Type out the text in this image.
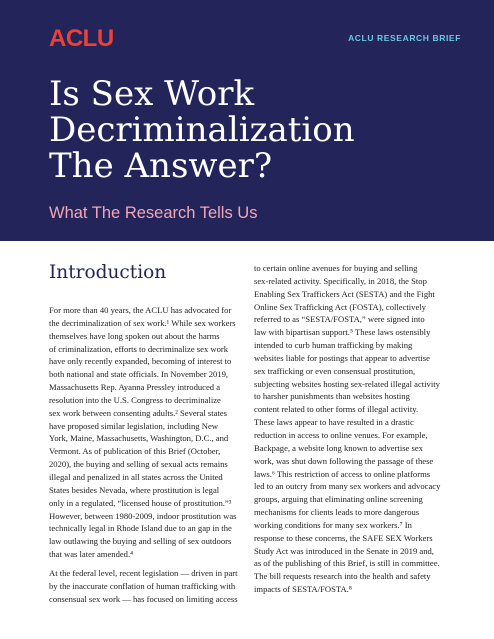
ACLU	ACLU RESEARCH BRIEF
Is Sex Work
Decriminalization
The Answer?
What The Research Tells Us
Introduction

For more than 40 years, the ACLU has advocated for
the decriminalization of sex work.¹ While sex workers
themselves have long spoken out about the harms
of criminalization, efforts to decriminalize sex work
have only recently expanded, becoming of interest to
both national and state officials. In November 2019,
Massachusetts Rep. Ayanna Pressley introduced a
resolution into the U.S. Congress to decriminalize
sex work between consenting adults.² Several states
have proposed similar legislation, including New
York, Maine, Massachusetts, Washington, D.C., and
Vermont. As of publication of this Brief (October,
2020), the buying and selling of sexual acts remains
illegal and penalized in all states across the United
States besides Nevada, where prostitution is legal
only in a regulated, “licensed house of prostitution.”³
However, between 1980-2009, indoor prostitution was
technically legal in Rhode Island due to an gap in the
law outlawing the buying and selling of sex outdoors
that was later amended.⁴

At the federal level, recent legislation — driven in part
by the inaccurate conflation of human trafficking with
consensual sex work — has focused on limiting access

to certain online avenues for buying and selling
sex-related activity. Specifically, in 2018, the Stop
Enabling Sex Traffickers Act (SESTA) and the Fight
Online Sex Trafficking Act (FOSTA), collectively
referred to as “SESTA/FOSTA,” were signed into
law with bipartisan support.⁵ These laws ostensibly
intended to curb human trafficking by making
websites liable for postings that appear to advertise
sex trafficking or even consensual prostitution,
subjecting websites hosting sex-related illegal activity
to harsher punishments than websites hosting
content related to other forms of illegal activity.
These laws appear to have resulted in a drastic
reduction in access to online venues. For example,
Backpage, a website long known to advertise sex
work, was shut down following the passage of these
laws.⁶ This restriction of access to online platforms
led to an outcry from many sex workers and advocacy
groups, arguing that eliminating online screening
mechanisms for clients leads to more dangerous
working conditions for many sex workers.⁷ In
response to these concerns, the SAFE SEX Workers
Study Act was introduced in the Senate in 2019 and,
as of the publishing of this Brief, is still in committee.
The bill requests research into the health and safety
impacts of SESTA/FOSTA.⁸
